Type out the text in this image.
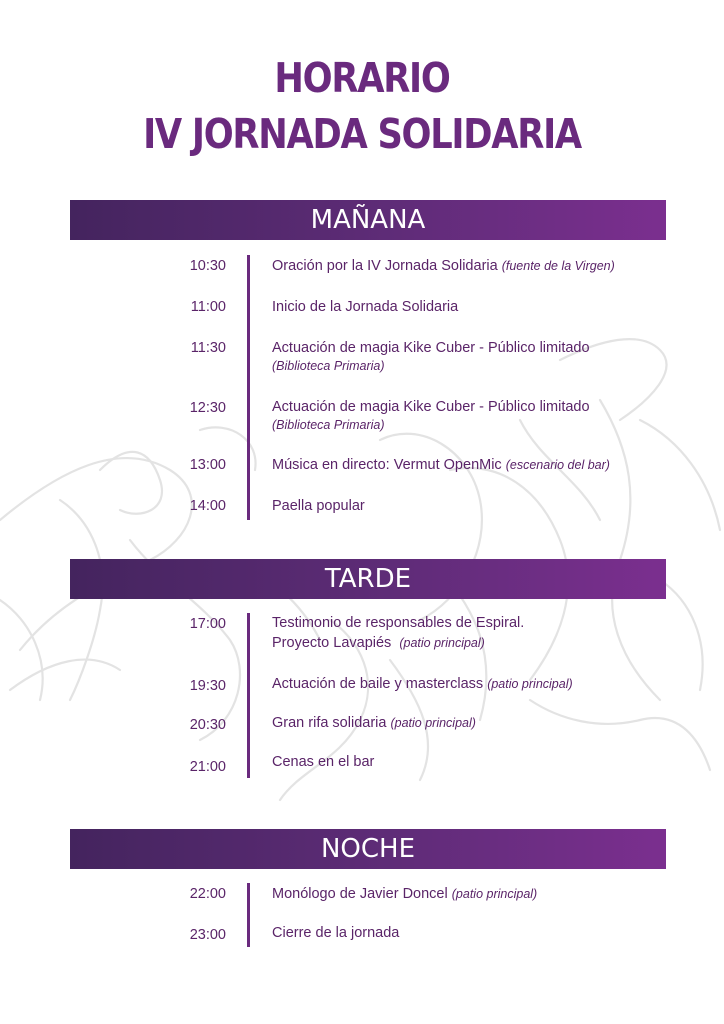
HORARIO
IV JORNADA SOLIDARIA
MAÑANA
10:30	Oración por la IV Jornada Solidaria (fuente de la Virgen)
11:00	Inicio de la Jornada Solidaria
11:30	Actuación de magia Kike Cuber - Público limitado
(Biblioteca Primaria)
12:30	Actuación de magia Kike Cuber - Público limitado
(Biblioteca Primaria)
13:00	Música en directo: Vermut OpenMic (escenario del bar)
14:00	Paella popular
TARDE
17:00	Testimonio de responsables de Espiral.
Proyecto Lavapiés (patio principal)
19:30	Actuación de baile y masterclass (patio principal)
20:30	Gran rifa solidaria (patio principal)
21:00	Cenas en el bar
NOCHE
22:00	Monólogo de Javier Doncel (patio principal)
23:00	Cierre de la jornada
